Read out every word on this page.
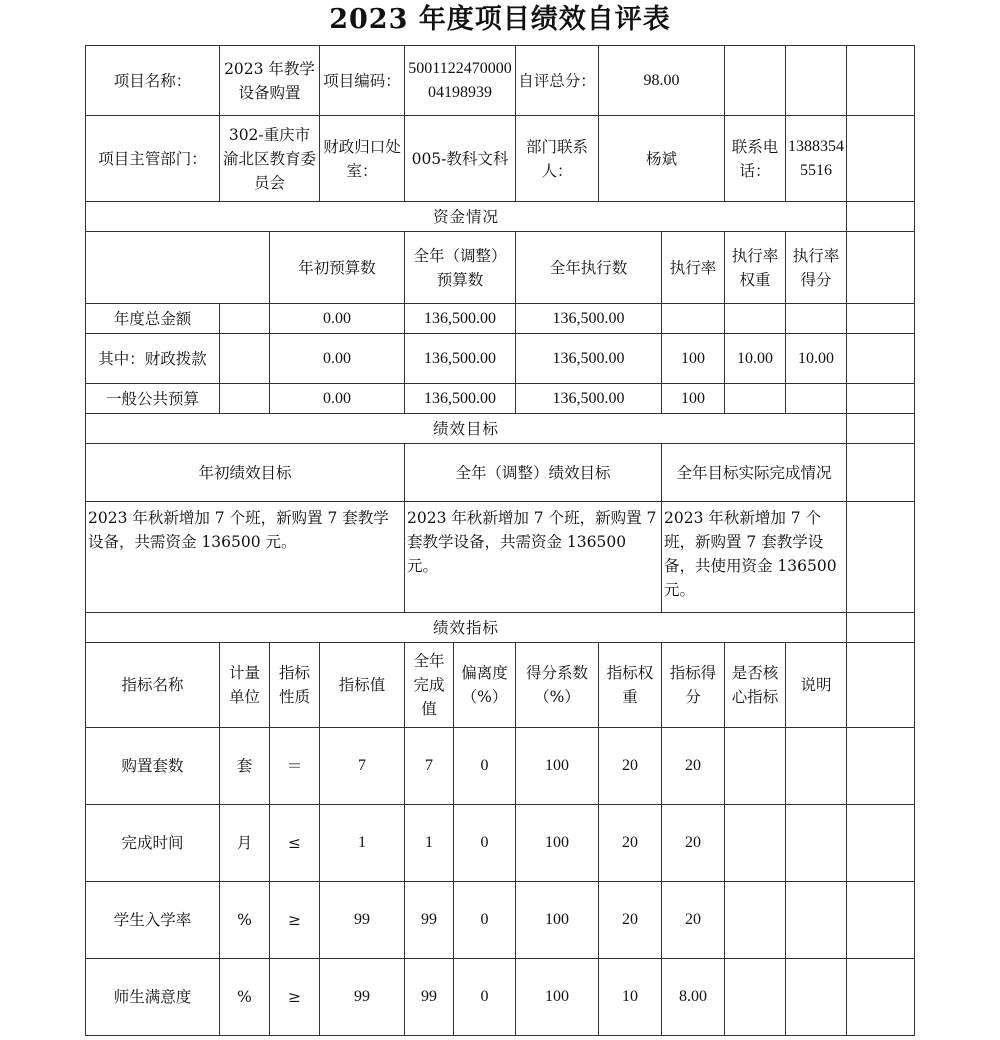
2023 年度项目绩效自评表
项目名称：	2023 年教学设备购置		项目编码：	500112247000004198939		自评总分：	98.00				
项目主管部门：	302-重庆市渝北区教育委员会		财政归口处室：	005-教科文科		部门联系人：	杨斌		联系电话：	13883545516	
资金情况											
		年初预算数		全年（调整）预算数		全年执行数		执行率	执行率权重	执行率得分	
年度总金额		0.00		136,500.00		136,500.00					
其中：财政拨款		0.00		136,500.00		136,500.00		100	10.00	10.00	
一般公共预算		0.00		136,500.00		136,500.00		100			
绩效目标											
年初绩效目标				全年（调整）绩效目标				全年目标实际完成情况			
2023 年秋新增加 7 个班，新购置 7 套教学设备，共需资金 136500 元。				2023 年秋新增加 7 个班，新购置 7 套教学设备，共需资金 136500 元。				2023 年秋新增加 7 个班，新购置 7 套教学设备，共使用资金 136500 元。			
绩效指标											
指标名称	计量单位	指标性质	指标值	全年完成值	偏离度（%）	得分系数（%）	指标权重	指标得分	是否核心指标	说明	
购置套数	套	＝	7	7	0	100	20	20			
完成时间	月	≤	1	1	0	100	20	20			
学生入学率	%	≥	99	99	0	100	20	20			
师生满意度	%	≥	99	99	0	100	10	8.00			
